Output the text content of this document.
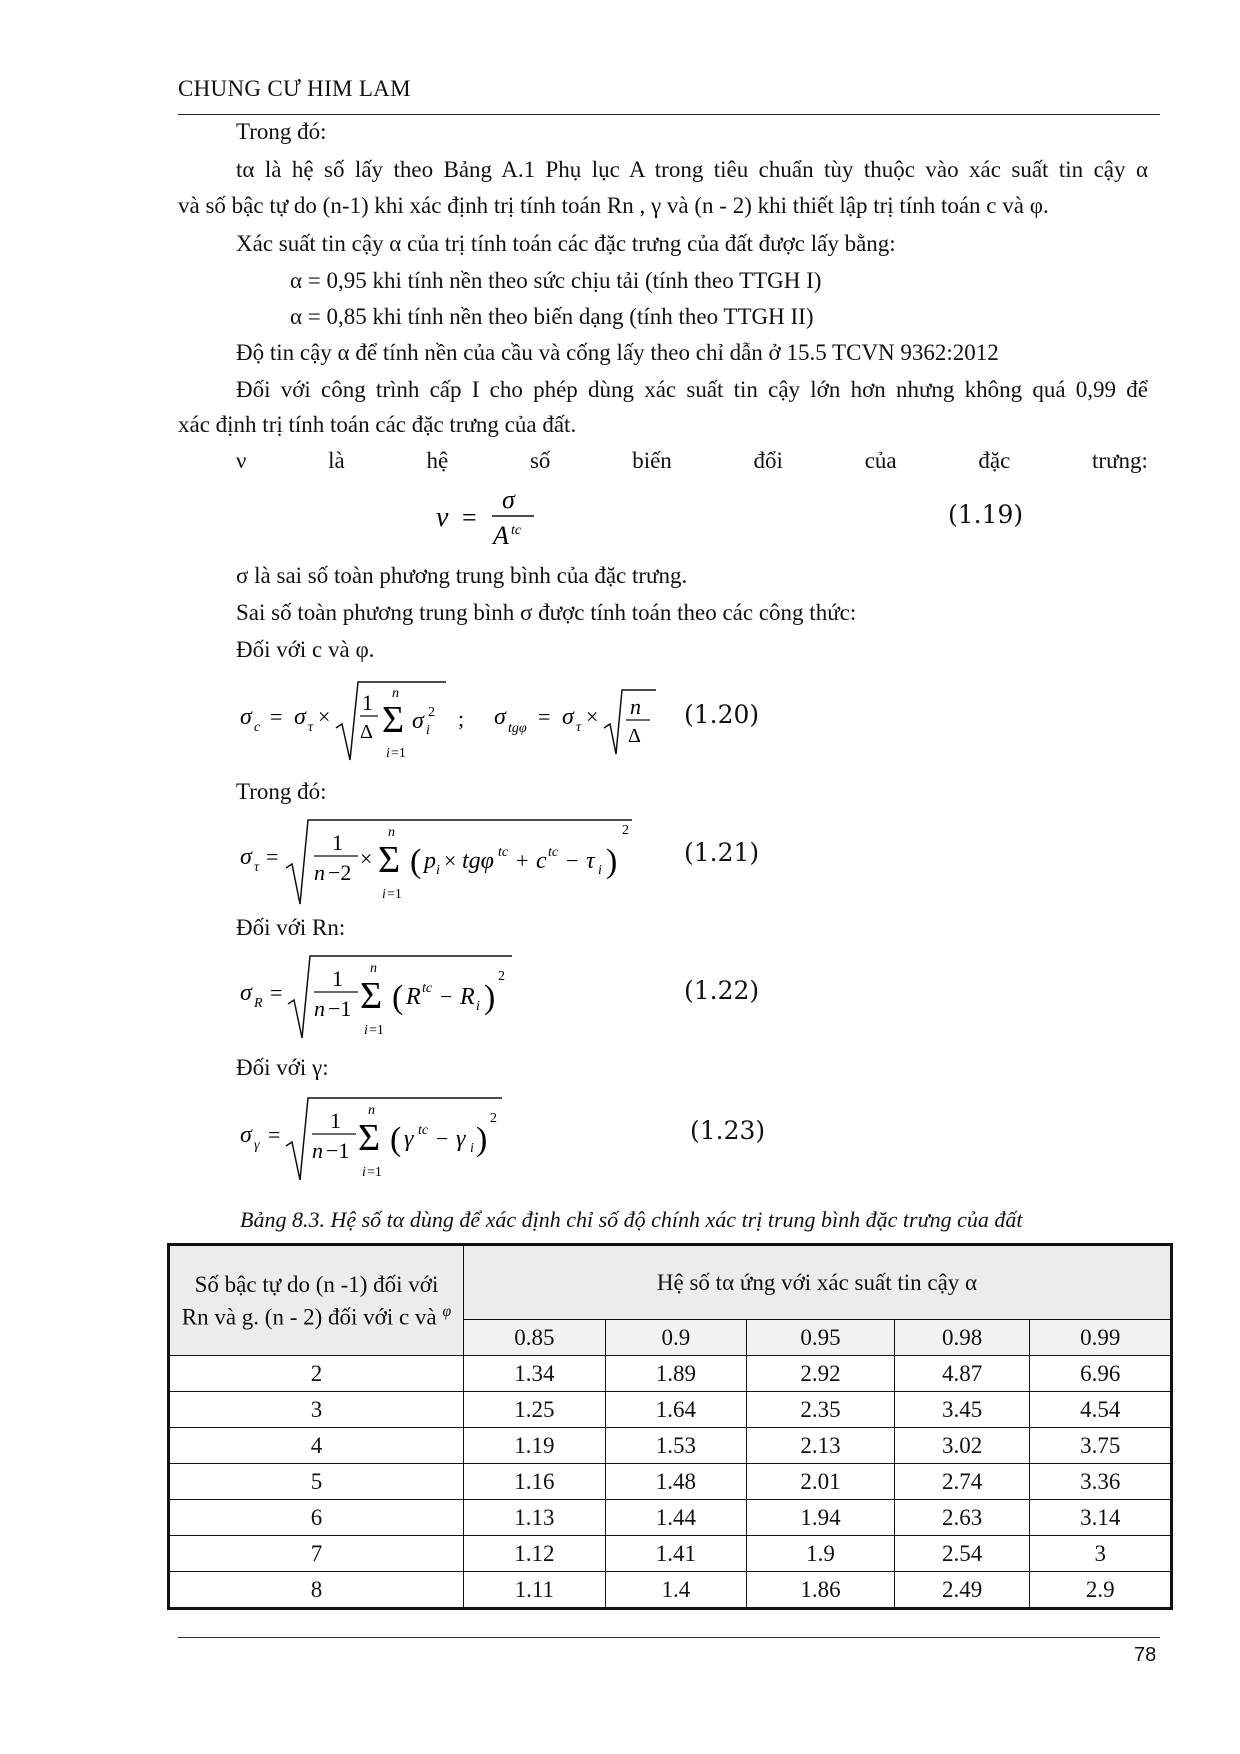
CHUNG CƯ HIM LAM
Trong đó:
tα là hệ số lấy theo Bảng A.1 Phụ lục A trong tiêu chuẩn tùy thuộc vào xác suất tin cậy α
và số bậc tự do (n-1) khi xác định trị tính toán Rn , γ và (n - 2) khi thiết lập trị tính toán c và φ.
Xác suất tin cậy α của trị tính toán các đặc trưng của đất được lấy bằng:
α = 0,95 khi tính nền theo sức chịu tải (tính theo TTGH I)
α = 0,85 khi tính nền theo biến dạng (tính theo TTGH II)
Độ tin cậy α để tính nền của cầu và cống lấy theo chỉ dẫn ở 15.5 TCVN 9362:2012
Đối với công trình cấp I cho phép dùng xác suất tin cậy lớn hơn nhưng không quá 0,99 để
xác định trị tính toán các đặc trưng của đất.
ν	là	hệ	số	biến	đổi	của	đặc	trưng:
ν =
σ
A tc
(1.19)
σ là sai số toàn phương trung bình của đặc trưng.
Sai số toàn phương trung bình σ được tính toán theo các công thức:
Đối với c và φ.
σ c = σ τ ×
1
Δ Σ
n
i =1
σ i
2 ; σ tgφ = σ τ × n
Δ
(1.20)
Trong đó:
σ τ =
1
n −2
× Σ
n
i =1
( p i × tgφ tc + c tc − τ i )
2
(1.21)
Đối với Rn:
σ R =
1
n −1 Σ
n
i =1
( R tc − R i )
2	(1.22)
Đối với γ:
σ γ =
1
n −1 Σ
n
i =1
( γ tc − γ i )
2	(1.23)
Bảng 8.3. Hệ số tα dùng để xác định chỉ số độ chính xác trị trung bình đặc trưng của đất
Số bậc tự do (n -1) đối với Rn và g. (n - 2) đối với c và $^\varphi$	Hệ số tα ứng với xác suất tin cậy α				
	0.85	0.9	0.95	0.98	0.99
2	1.34	1.89	2.92	4.87	6.96
3	1.25	1.64	2.35	3.45	4.54
4	1.19	1.53	2.13	3.02	3.75
5	1.16	1.48	2.01	2.74	3.36
6	1.13	1.44	1.94	2.63	3.14
7	1.12	1.41	1.9	2.54	3
8	1.11	1.4	1.86	2.49	2.9
78
